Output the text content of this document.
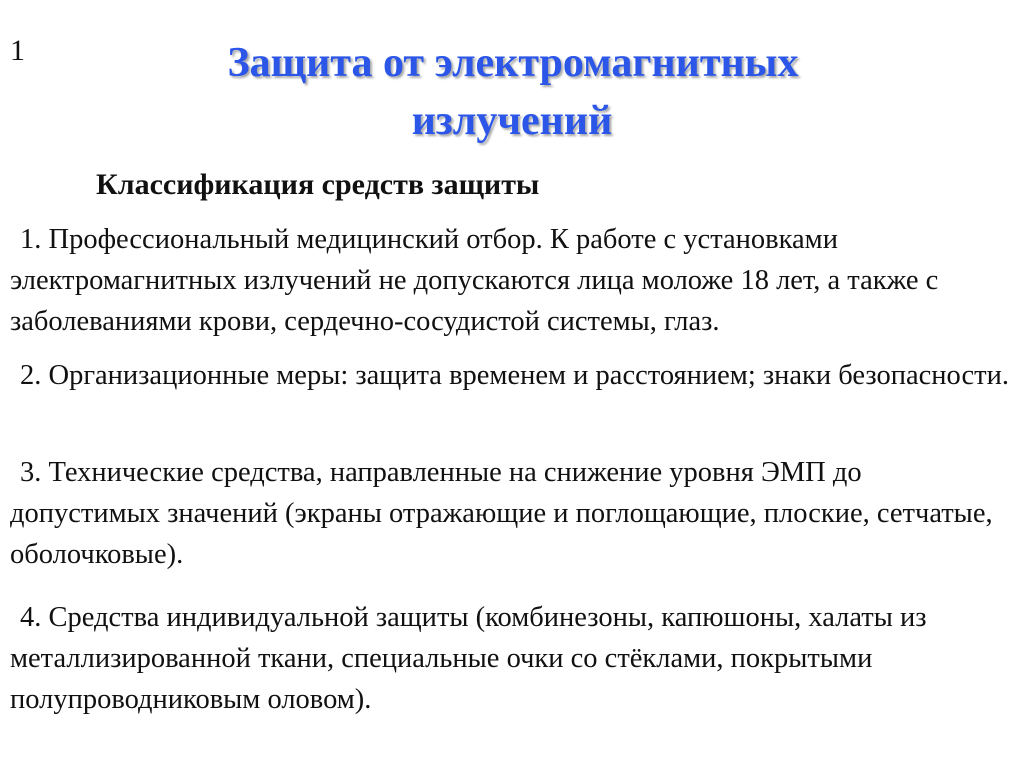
1	Защита от электромагнитных
излучений
Классификация средств защиты
1. Профессиональный медицинский отбор. К работе с установками электромагнитных излучений не допускаются лица моложе 18 лет, а также с заболеваниями крови, сердечно-сосудистой системы, глаз.
2. Организационные меры: защита временем и расстоянием; знаки безопасности.
3. Технические средства, направленные на снижение уровня ЭМП до допустимых значений (экраны отражающие и поглощающие, плоские, сетчатые, оболочковые).
4. Средства индивидуальной защиты (комбинезоны, капюшоны, халаты из металлизированной ткани, специальные очки со стёклами, покрытыми полупроводниковым оловом).
